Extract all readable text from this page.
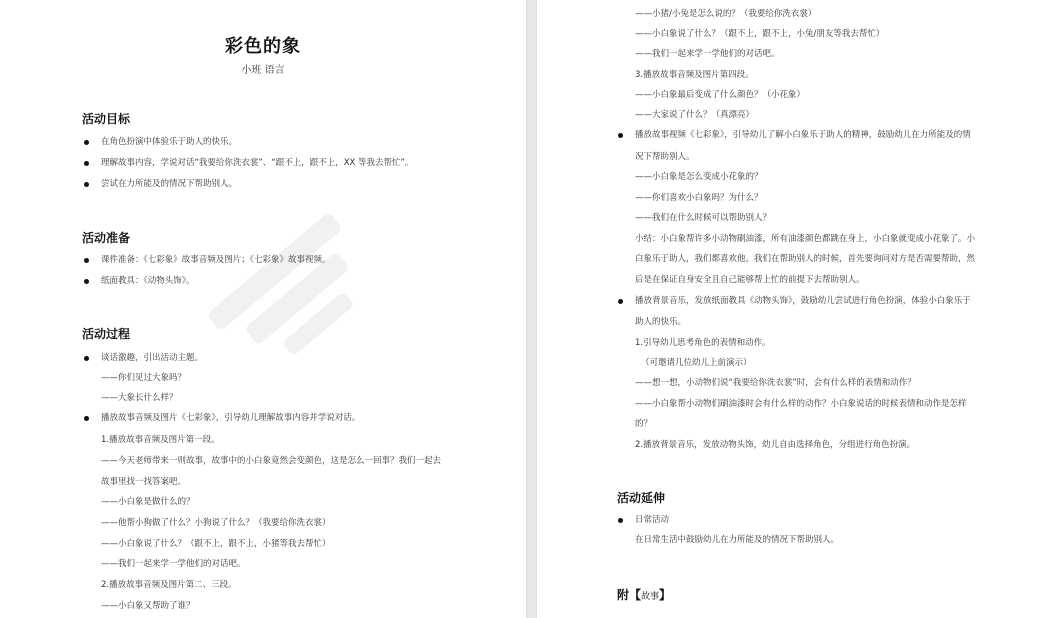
彩色的象
小班 语言
活动目标
在角色扮演中体验乐于助人的快乐。
理解故事内容，学说对话“我要给你洗衣裳”、“跟不上，跟不上，XX 等我去帮忙”。
尝试在力所能及的情况下帮助别人。
活动准备
课件准备：《七彩象》故事音频及图片；《七彩象》故事视频。
纸面教具：《动物头饰》。
活动过程
谈话激趣，引出活动主题。
——你们见过大象吗？
——大象长什么样？
播放故事音频及图片《七彩象》，引导幼儿理解故事内容并学说对话。
1.播放故事音频及图片第一段。
——今天老师带来一则故事，故事中的小白象竟然会变颜色，这是怎么一回事？我们一起去
故事里找一找答案吧。
——小白象是做什么的？
——他帮小狗做了什么？小狗说了什么？（我要给你洗衣裳）
——小白象说了什么？（跟不上，跟不上，小猪等我去帮忙）
——我们一起来学一学他们的对话吧。
2.播放故事音频及图片第二、三段。
——小白象又帮助了谁？
——小猪/小兔是怎么说的？（我要给你洗衣裳）
——小白象说了什么？（跟不上，跟不上，小兔/朋友等我去帮忙）
——我们一起来学一学他们的对话吧。
3.播放故事音频及图片第四段。
——小白象最后变成了什么颜色？（小花象）
——大家说了什么？（真漂亮）
播放故事视频《七彩象》，引导幼儿了解小白象乐于助人的精神，鼓励幼儿在力所能及的情
况下帮助别人。
——小白象是怎么变成小花象的？
——你们喜欢小白象吗？为什么？
——我们在什么时候可以帮助别人？
小结：小白象帮许多小动物刷油漆，所有油漆颜色都跳在身上，小白象就变成小花象了。小
白象乐于助人，我们都喜欢他。我们在帮助别人的时候，首先要询问对方是否需要帮助，然
后是在保证自身安全且自己能够帮上忙的前提下去帮助别人。
播放背景音乐，发放纸面教具《动物头饰》，鼓励幼儿尝试进行角色扮演，体验小白象乐于
助人的快乐。
1.引导幼儿思考角色的表情和动作。
（可邀请几位幼儿上前演示）
——想一想，小动物们说“我要给你洗衣裳”时，会有什么样的表情和动作？
——小白象帮小动物们刷油漆时会有什么样的动作？小白象说话的时候表情和动作是怎样
的？
2.播放背景音乐，发放动物头饰，幼儿自由选择角色，分组进行角色扮演。
活动延伸
日常活动
在日常生活中鼓励幼儿在力所能及的情况下帮助别人。
附【故事】
